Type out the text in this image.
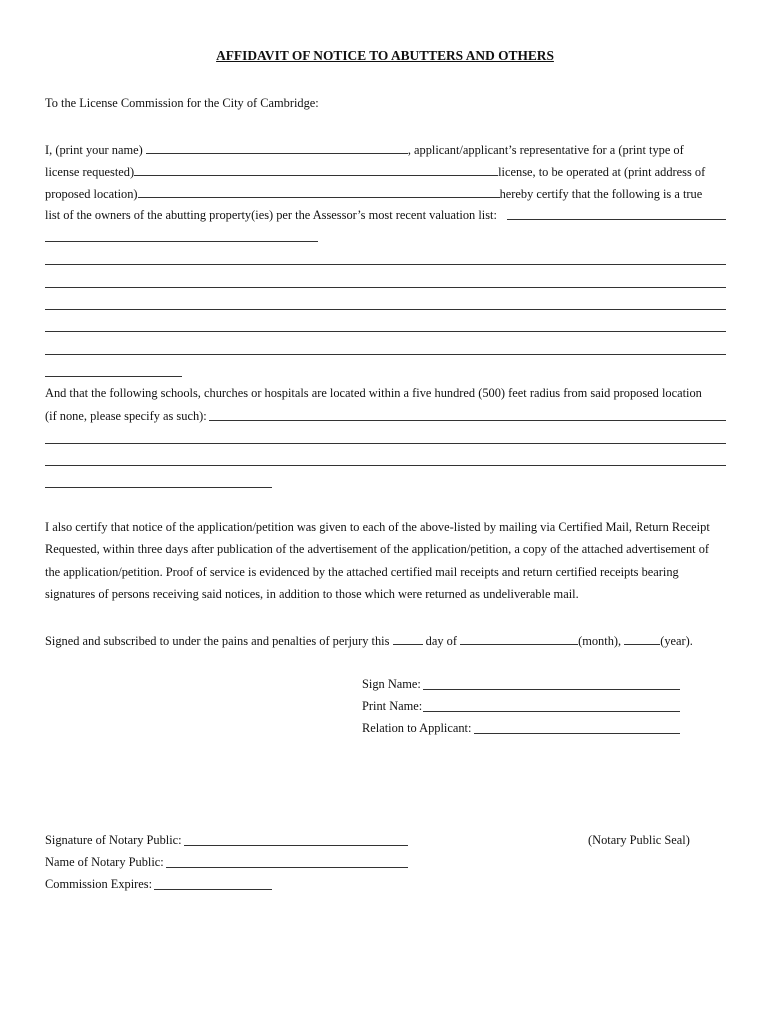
AFFIDAVIT OF NOTICE TO ABUTTERS AND OTHERS
To the License Commission for the City of Cambridge:
I, (print your name)	, applicant/applicant’s representative for a (print type of
license requested)	license, to be operated at (print address of
proposed location)	hereby certify that the following is a true
list of the owners of the abutting property(ies) per the Assessor’s most recent valuation list:
And that the following schools, churches or hospitals are located within a five hundred (500) feet radius from said proposed location
(if none, please specify as such):
I also certify that notice of the application/petition was given to each of the above-listed by mailing via Certified Mail, Return Receipt
Requested, within three days after publication of the advertisement of the application/petition, a copy of the attached advertisement of
the application/petition. Proof of service is evidenced by the attached certified mail receipts and return certified receipts bearing
signatures of persons receiving said notices, in addition to those which were returned as undeliverable mail.
Signed and subscribed to under the pains and penalties of perjury this	day of	(month),	(year).
Sign Name:
Print Name:
Relation to Applicant:
Signature of Notary Public:	(Notary Public Seal)
Name of Notary Public:
Commission Expires:
